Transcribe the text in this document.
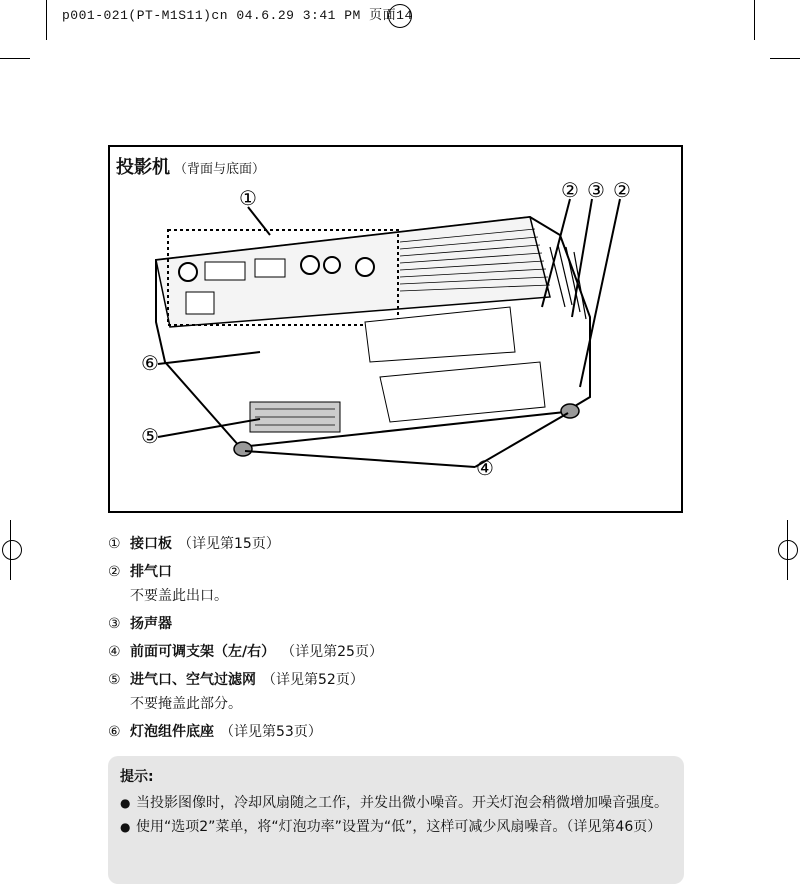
p001-021(PT-M1S11)cn 04.6.29 3:41 PM 页面14
投影机 （背面与底面）
①	② ③ ②
⑥
⑤
④
① 接口板 （详见第15页）
② 排气口
不要盖此出口。
③ 扬声器
④ 前面可调支架（左/右） （详见第25页）
⑤ 进气口、空气过滤网 （详见第52页）
不要掩盖此部分。
⑥ 灯泡组件底座 （详见第53页）
提示:
● 当投影图像时，冷却风扇随之工作，并发出微小噪音。开关灯泡会稍微增加噪音强度。
● 使用“选项2”菜单，将“灯泡功率”设置为“低”，这样可减少风扇噪音。（详见第46页）
